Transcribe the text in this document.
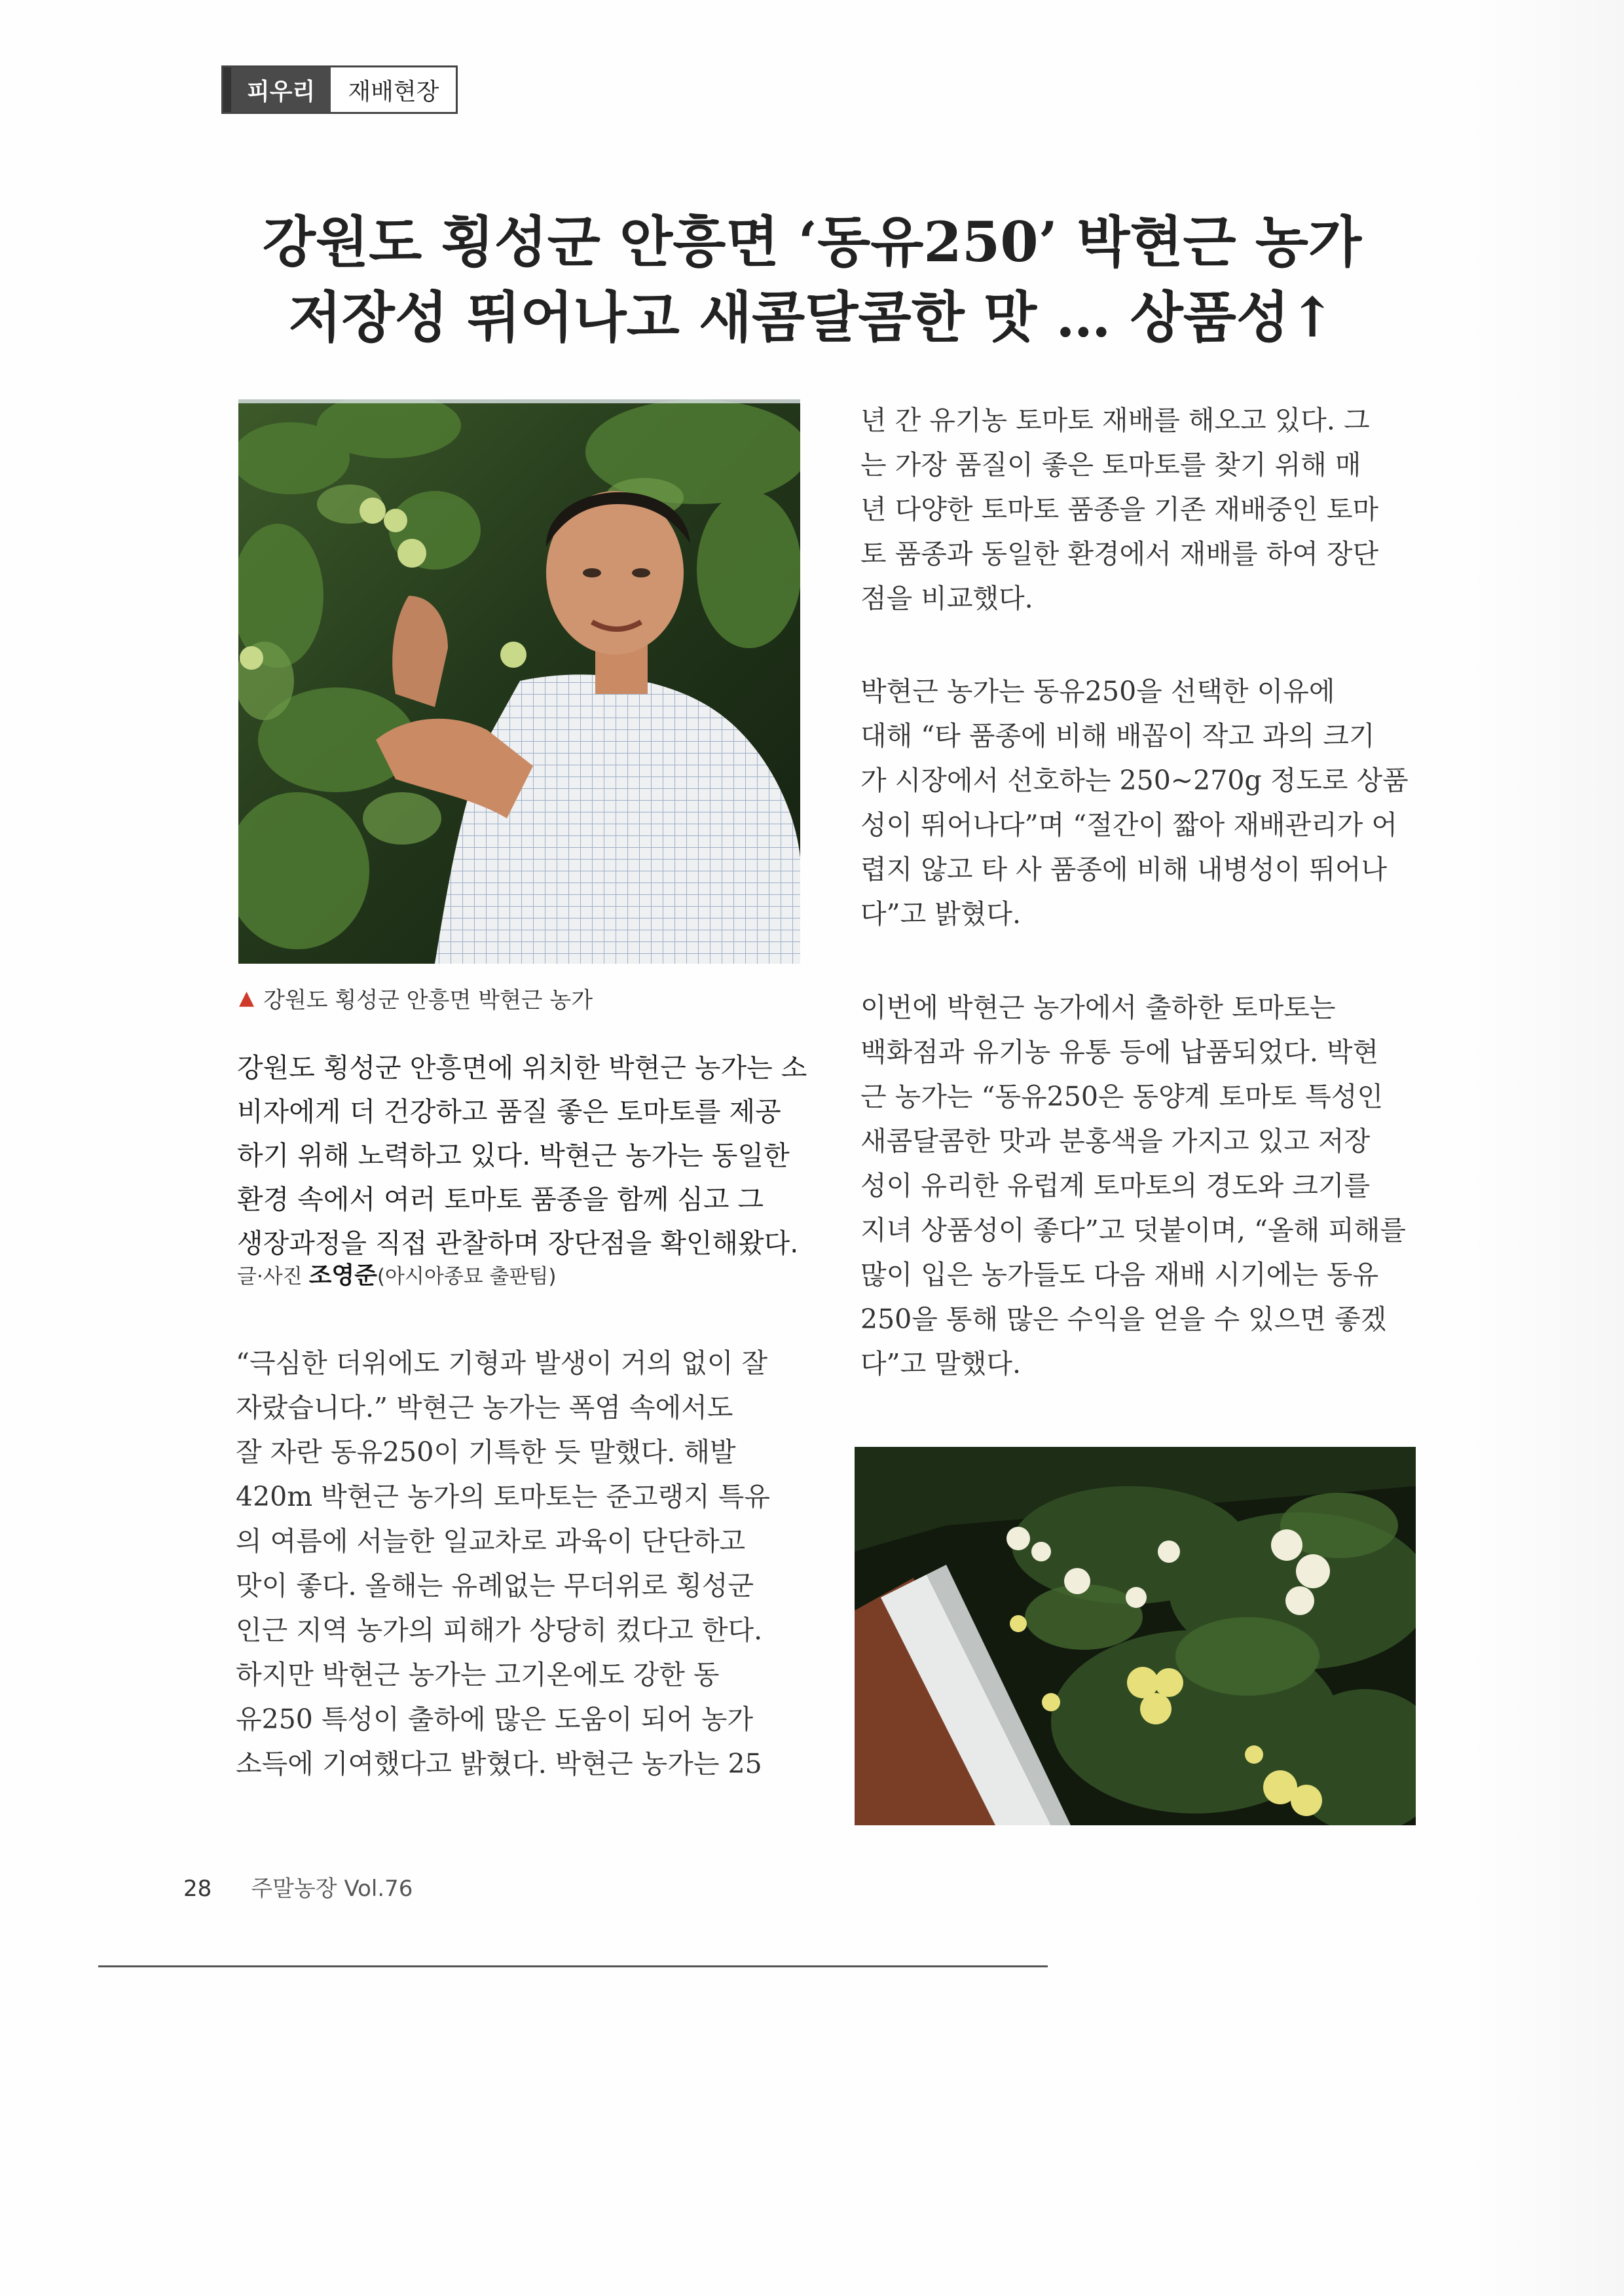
피우리	재배현장
강원도 횡성군 안흥면 ‘동유250’ 박현근 농가
저장성 뛰어나고 새콤달콤한 맛 … 상품성↑
▲ 강원도 횡성군 안흥면 박현근 농가
강원도 횡성군 안흥면에 위치한 박현근 농가는 소
비자에게 더 건강하고 품질 좋은 토마토를 제공
하기 위해 노력하고 있다. 박현근 농가는 동일한
환경 속에서 여러 토마토 품종을 함께 심고 그
생장과정을 직접 관찰하며 장단점을 확인해왔다.
글·사진 조영준(아시아종묘 출판팀)
“극심한 더위에도 기형과 발생이 거의 없이 잘
자랐습니다.” 박현근 농가는 폭염 속에서도
잘 자란 동유250이 기특한 듯 말했다. 해발
420m 박현근 농가의 토마토는 준고랭지 특유
의 여름에 서늘한 일교차로 과육이 단단하고
맛이 좋다. 올해는 유례없는 무더위로 횡성군
인근 지역 농가의 피해가 상당히 컸다고 한다.
하지만 박현근 농가는 고기온에도 강한 동
유250 특성이 출하에 많은 도움이 되어 농가
소득에 기여했다고 밝혔다. 박현근 농가는 25
년 간 유기농 토마토 재배를 해오고 있다. 그
는 가장 품질이 좋은 토마토를 찾기 위해 매
년 다양한 토마토 품종을 기존 재배중인 토마
토 품종과 동일한 환경에서 재배를 하여 장단
점을 비교했다.
박현근 농가는 동유250을 선택한 이유에
대해 “타 품종에 비해 배꼽이 작고 과의 크기
가 시장에서 선호하는 250~270g 정도로 상품
성이 뛰어나다”며 “절간이 짧아 재배관리가 어
렵지 않고 타 사 품종에 비해 내병성이 뛰어나
다”고 밝혔다.
이번에 박현근 농가에서 출하한 토마토는
백화점과 유기농 유통 등에 납품되었다. 박현
근 농가는 “동유250은 동양계 토마토 특성인
새콤달콤한 맛과 분홍색을 가지고 있고 저장
성이 유리한 유럽계 토마토의 경도와 크기를
지녀 상품성이 좋다”고 덧붙이며, “올해 피해를
많이 입은 농가들도 다음 재배 시기에는 동유
250을 통해 많은 수익을 얻을 수 있으면 좋겠
다”고 말했다.
28 주말농장 Vol.76
